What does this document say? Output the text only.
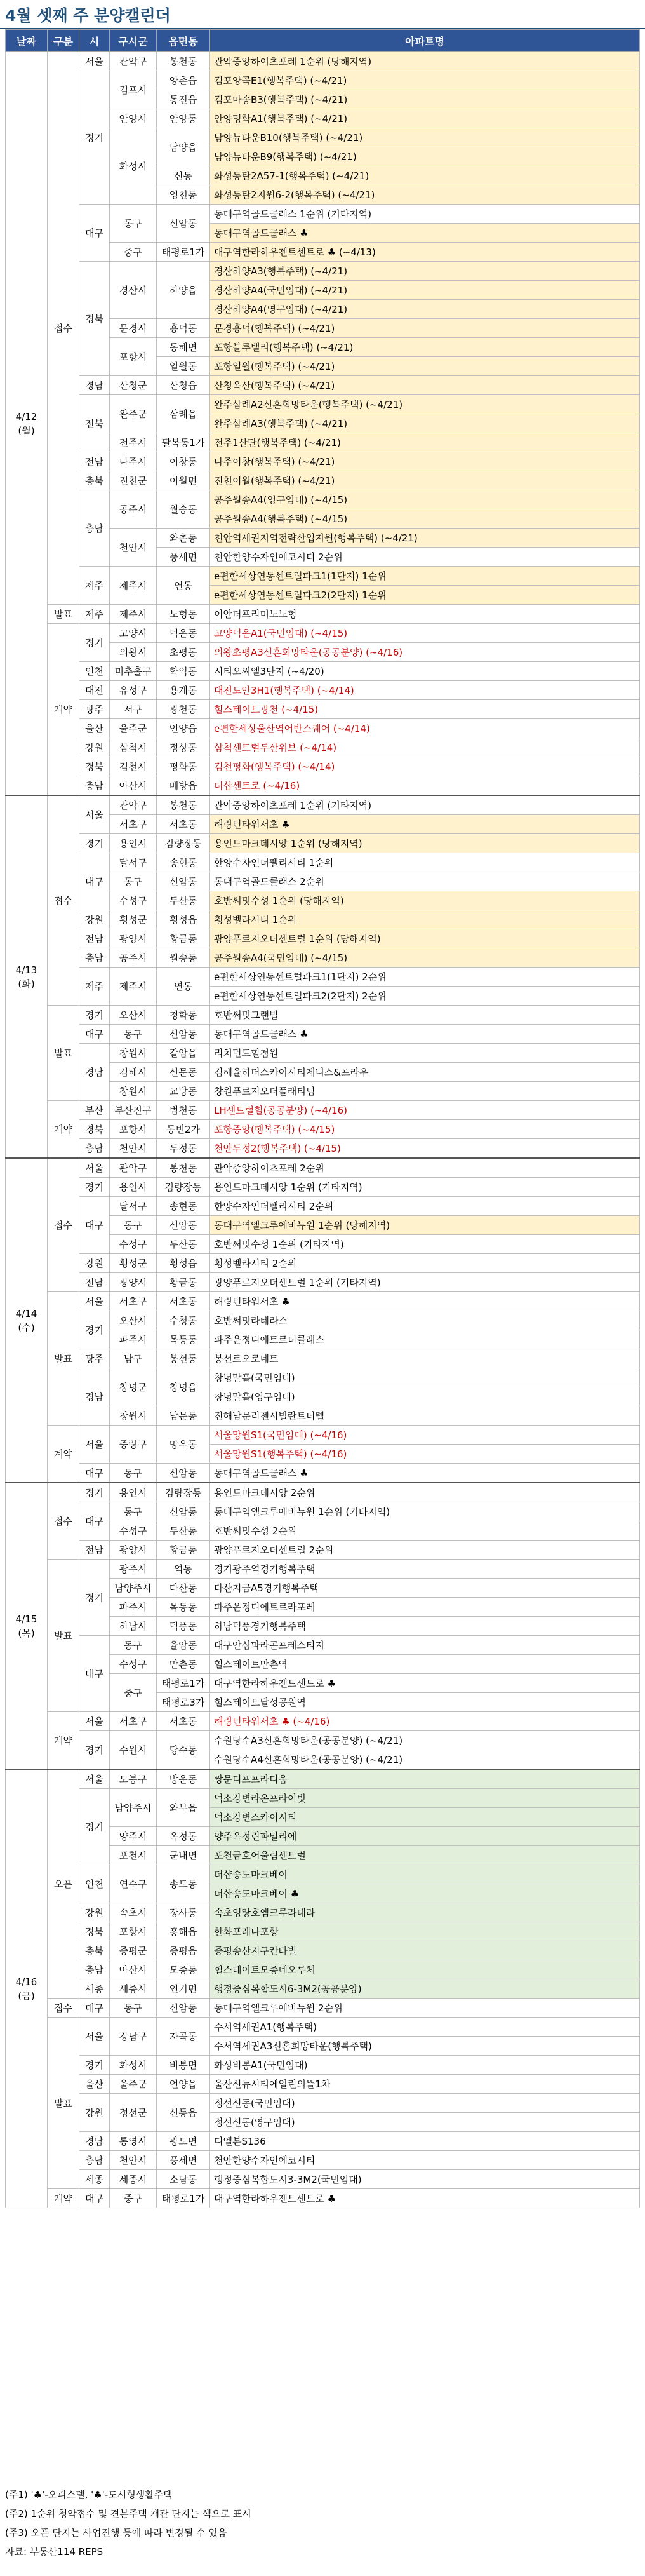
4월 셋째 주 분양캘린더
날짜	구분	시	구시군	읍면동	아파트명

4/12
(월)	접수	서울	관악구	봉천동	관악중앙하이츠포레 1순위 (당해지역)
		경기	김포시	양촌읍	김포양곡E1(행복주택) (~4/21)
				통진읍	김포마송B3(행복주택) (~4/21)
			안양시	안양동	안양명학A1(행복주택) (~4/21)
			화성시	남양읍	남양뉴타운B10(행복주택) (~4/21)
					남양뉴타운B9(행복주택) (~4/21)
				신동	화성동탄2A57-1(행복주택) (~4/21)
				영천동	화성동탄2지원6-2(행복주택) (~4/21)
		대구	동구	신암동	동대구역골드클래스 1순위 (기타지역)
					동대구역골드클래스 ♣
			중구	태평로1가	대구역한라하우젠트센트로 ♣ (~4/13)
		경북	경산시	하양읍	경산하양A3(행복주택) (~4/21)
					경산하양A4(국민임대) (~4/21)
					경산하양A4(영구임대) (~4/21)
			문경시	흥덕동	문경흥덕(행복주택) (~4/21)
			포항시	동해면	포항블루밸리(행복주택) (~4/21)
				일월동	포항일월(행복주택) (~4/21)
		경남	산청군	산청읍	산청옥산(행복주택) (~4/21)
		전북	완주군	삼례읍	완주삼례A2신혼희망타운(행복주택) (~4/21)
					완주삼례A3(행복주택) (~4/21)
			전주시	팔복동1가	전주1산단(행복주택) (~4/21)
		전남	나주시	이창동	나주이창(행복주택) (~4/21)
		충북	진천군	이월면	진천이월(행복주택) (~4/21)
		충남	공주시	월송동	공주월송A4(영구임대) (~4/15)
					공주월송A4(행복주택) (~4/15)
			천안시	와촌동	천안역세권지역전략산업지원(행복주택) (~4/21)
				풍세면	천안한양수자인에코시티 2순위
		제주	제주시	연동	e편한세상연동센트럴파크1(1단지) 1순위
					e편한세상연동센트럴파크2(2단지) 1순위
	발표	제주	제주시	노형동	이안더프리미노노형
	계약	경기	고양시	덕은동	고양덕은A1(국민임대) (~4/15)
			의왕시	초평동	의왕초평A3신혼희망타운(공공분양) (~4/16)
		인천	미추홀구	학익동	시티오씨엘3단지 (~4/20)
		대전	유성구	용계동	대전도안3H1(행복주택) (~4/14)
		광주	서구	광천동	힐스테이트광천 (~4/15)
		울산	울주군	언양읍	e편한세상울산역어반스퀘어 (~4/14)
		강원	삼척시	정상동	삼척센트럴두산위브 (~4/14)
		경북	김천시	평화동	김천평화(행복주택) (~4/14)
		충남	아산시	배방읍	더샵센트로 (~4/16)

4/13
(화)	접수	서울	관악구	봉천동	관악중앙하이츠포레 1순위 (기타지역)
			서초구	서초동	해링턴타워서초 ♣
		경기	용인시	김량장동	용인드마크데시앙 1순위 (당해지역)
		대구	달서구	송현동	한양수자인더팰리시티 1순위
			동구	신암동	동대구역골드클래스 2순위
			수성구	두산동	호반써밋수성 1순위 (당해지역)
		강원	횡성군	횡성읍	횡성벨라시티 1순위
		전남	광양시	황금동	광양푸르지오더센트럴 1순위 (당해지역)
		충남	공주시	월송동	공주월송A4(국민임대) (~4/15)
		제주	제주시	연동	e편한세상연동센트럴파크1(1단지) 2순위
					e편한세상연동센트럴파크2(2단지) 2순위
	발표	경기	오산시	청학동	호반써밋그랜빌
		대구	동구	신암동	동대구역골드클래스 ♣
		경남	창원시	갈암읍	리치먼드힐첨원
			김해시	신문동	김해율하더스카이시티제니스&프라우
			창원시	교방동	창원푸르지오더플래티넘
	계약	부산	부산진구	범천동	LH센트럴힐(공공분양) (~4/16)
		경북	포항시	동빈2가	포항중앙(행복주택) (~4/15)
		충남	천안시	두정동	천안두정2(행복주택) (~4/15)

4/14
(수)	접수	서울	관악구	봉천동	관악중앙하이츠포레 2순위
		경기	용인시	김량장동	용인드마크데시앙 1순위 (기타지역)
		대구	달서구	송현동	한양수자인더팰리시티 2순위
			동구	신암동	동대구역엘크루에비뉴원 1순위 (당해지역)
			수성구	두산동	호반써밋수성 1순위 (기타지역)
		강원	횡성군	횡성읍	횡성벨라시티 2순위
		전남	광양시	황금동	광양푸르지오더센트럴 1순위 (기타지역)
	발표	서울	서초구	서초동	해링턴타워서초 ♣
		경기	오산시	수청동	호반써밋라테라스
			파주시	목동동	파주운정디에트르더클래스
		광주	남구	봉선동	봉선르오로네트
		경남	창녕군	창녕읍	창녕말흘(국민임대)
					창녕말흘(영구임대)
			창원시	남문동	진해남문리젠시빌란트더텔
	계약	서울	중랑구	망우동	서울망원S1(국민임대) (~4/16)
					서울망원S1(행복주택) (~4/16)
		대구	동구	신암동	동대구역골드클래스 ♣

4/15
(목)	접수	경기	용인시	김량장동	용인드마크데시앙 2순위
		대구	동구	신암동	동대구역엘크루에비뉴원 1순위 (기타지역)
			수성구	두산동	호반써밋수성 2순위
		전남	광양시	황금동	광양푸르지오더센트럴 2순위
	발표	경기	광주시	역동	경기광주역경기행복주택
			남양주시	다산동	다산지금A5경기행복주택
			파주시	목동동	파주운정디에트르라포레
			하남시	덕풍동	하남덕풍경기행복주택
		대구	동구	율암동	대구안심파라곤프레스티지
			수성구	만촌동	힐스테이트만촌역
			중구	태평로1가	대구역한라하우젠트센트로 ♣
				태평로3가	힐스테이트달성공원역
	계약	서울	서초구	서초동	해링턴타워서초 ♣ (~4/16)
		경기	수원시	당수동	수원당수A3신혼희망타운(공공분양) (~4/21)
					수원당수A4신혼희망타운(공공분양) (~4/21)

4/16
(금)	오픈	서울	도봉구	방운동	쌍문디프프라디움
		경기	남양주시	와부읍	덕소강변라온프라이빗
					덕소강변스카이시티
			양주시	옥정동	양주옥정린파밀리에
			포천시	군내면	포천금호어울림센트럴
		인천	연수구	송도동	더샵송도마크베이
					더샵송도마크베이 ♣
		강원	속초시	장사동	속초영랑호엠크루라테라
		경북	포항시	흥해읍	한화포레나포항
		충북	증평군	증평읍	증평송산지구칸타빌
		충남	아산시	모종동	힐스테이트모종네오루체
		세종	세종시	연기면	행정중심복합도시6-3M2(공공분양)
	접수	대구	동구	신암동	동대구역엘크루에비뉴원 2순위
	발표	서울	강남구	자곡동	수서역세권A1(행복주택)
					수서역세권A3신혼희망타운(행복주택)
		경기	화성시	비봉면	화성비봉A1(국민임대)
		울산	울주군	언양읍	울산신뉴시티에일린의뜰1차
		강원	정선군	신동읍	정선신동(국민임대)
					정선신동(영구임대)
		경남	통영시	광도면	디엘본S136
		충남	천안시	풍세면	천안한양수자인에코시티
		세종	세종시	소담동	행정중심복합도시3-3M2(국민임대)
	계약	대구	중구	태평로1가	대구역한라하우젠트센트로 ♣
(주1) '♣'-오피스텔, '♣'-도시형생활주택
(주2) 1순위 청약접수 및 견본주택 개관 단지는 색으로 표시
(주3) 오픈 단지는 사업진행 등에 따라 변경될 수 있음
자료: 부동산114 REPS
